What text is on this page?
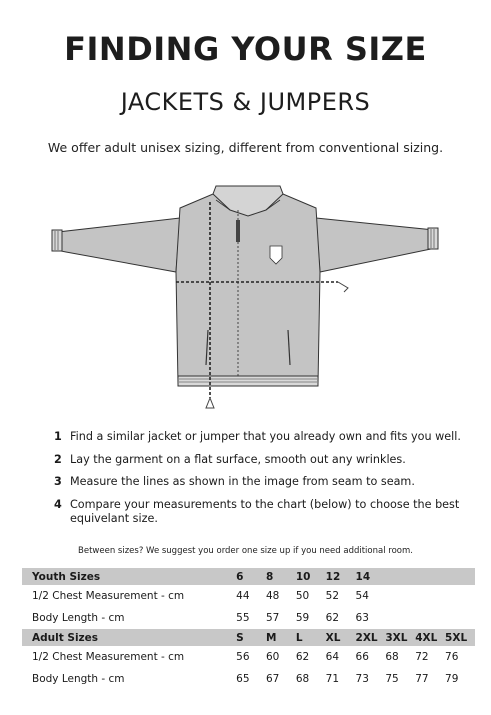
FINDING YOUR SIZE
JACKETS & JUMPERS
We offer adult unisex sizing, different from conventional sizing.
1 Find a similar jacket or jumper that you already own and fits you well.
2 Lay the garment on a flat surface, smooth out any wrinkles.
3 Measure the lines as shown in the image from seam to seam.
4 Compare your measurements to the chart (below) to choose the best equivelant size.
Between sizes? We suggest you order one size up if you need additional room.
Youth Sizes	6	8	10	12	14			
1/2 Chest Measurement - cm	44	48	50	52	54			
Body Length - cm	55	57	59	62	63			
Adult Sizes	S	M	L	XL	2XL	3XL	4XL	5XL
1/2 Chest Measurement - cm	56	60	62	64	66	68	72	76
Body Length - cm	65	67	68	71	73	75	77	79
